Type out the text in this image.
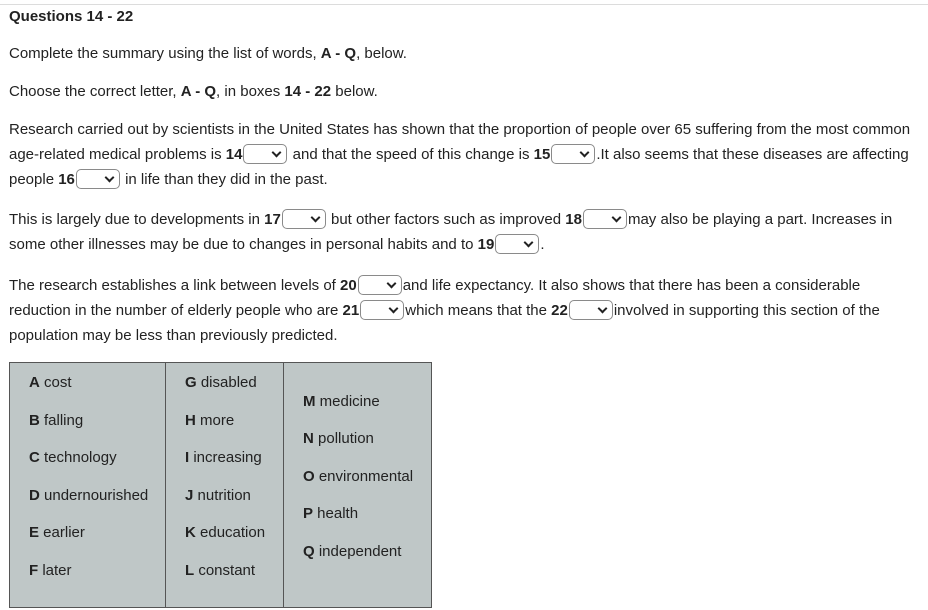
Questions 14 - 22
Complete the summary using the list of words, A - Q, below.
Choose the correct letter, A - Q, in boxes 14 - 22 below.
Research carried out by scientists in the United States has shown that the proportion of people over 65 suffering from the most common age-related medical problems is 14	and that the speed of this change is 15	.It also seems that these diseases are affecting people 16	in life than they did in the past.
This is largely due to developments in 17	but other factors such as improved 18	may also be playing a part. Increases in some other illnesses may be due to changes in personal habits and to 19	.
The research establishes a link between levels of 20	and life expectancy. It also shows that there has been a considerable reduction in the number of elderly people who are 21	which means that the 22	involved in supporting this section of the population may be less than previously predicted.
A cost
B falling
C technology
D undernourished
E earlier
F later
G disabled
H more
I increasing
J nutrition
K education
L constant
M medicine
N pollution
O environmental
P health
Q independent
